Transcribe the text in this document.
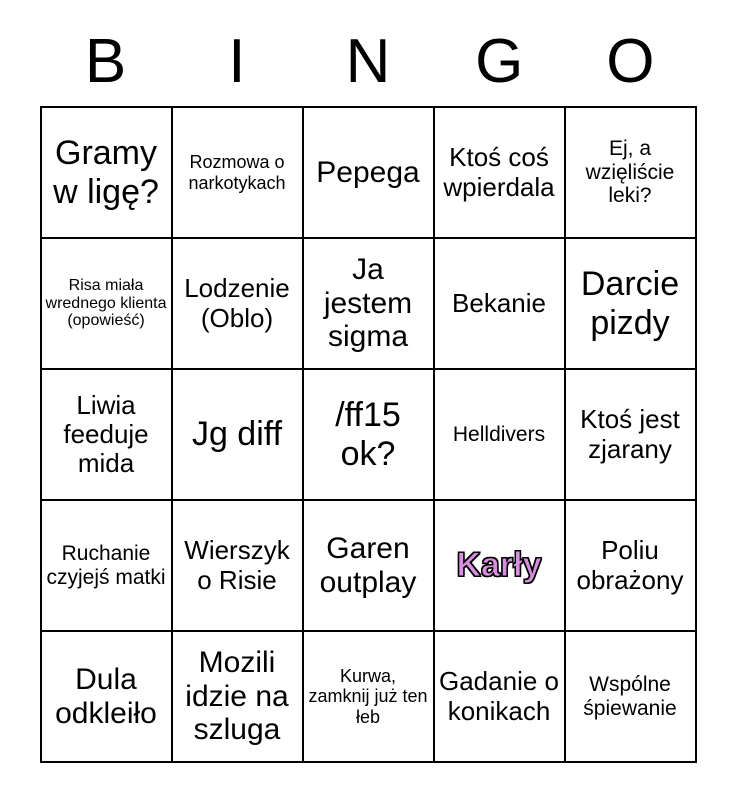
B	I	N	G	O
Gramy w ligę?	Rozmowa o narkotykach	Pepega	Ktoś coś wpierdala	Ej, a wzięliście leki?

Risa miała wrednego klienta (opowieść)	Lodzenie (Oblo)	Ja jestem sigma	Bekanie	Darcie pizdy

Liwia feeduje mida	Jg diff	/ff15 ok?	Helldivers	Ktoś jest zjarany

Ruchanie czyjejś matki	Wierszyk o Risie	Garen outplay	Karły	Poliu obrażony

Dula odkleiło	Mozili idzie na szluga	Kurwa, zamknij już ten łeb	Gadanie o konikach	Wspólne śpiewanie
